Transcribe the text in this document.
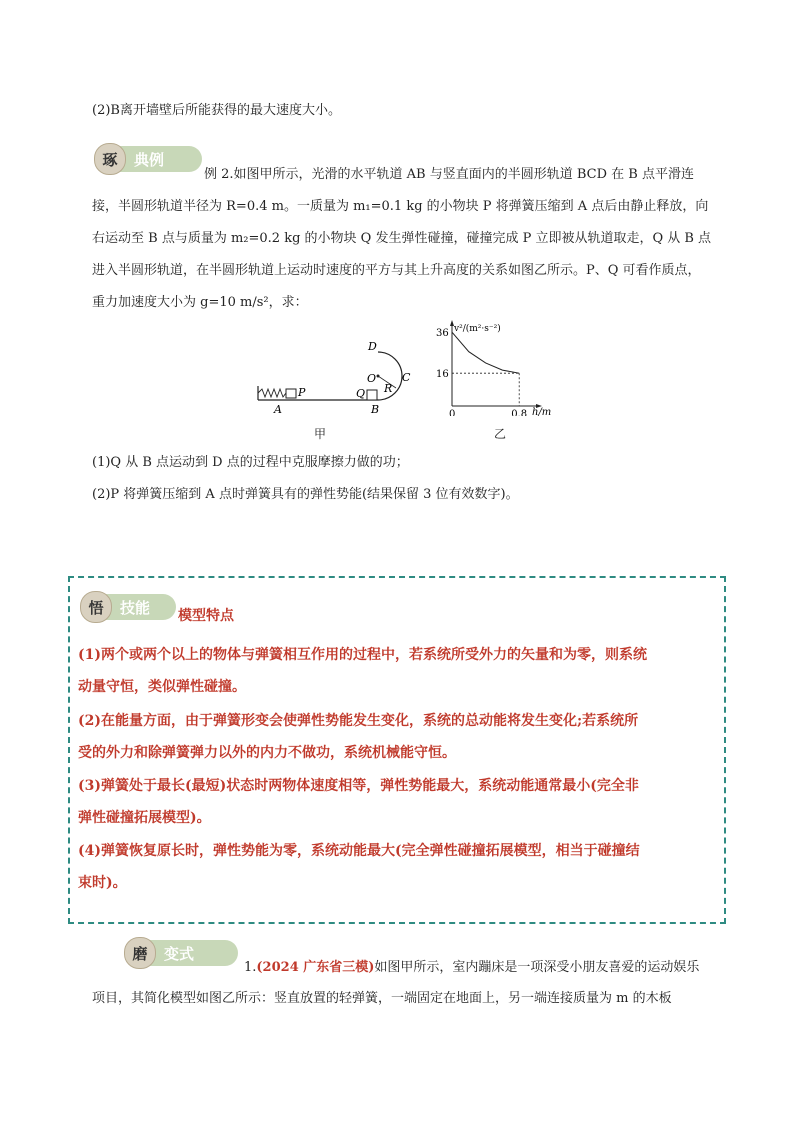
(2)B离开墙壁后所能获得的最大速度大小。
琢	典例
例 2.如图甲所示，光滑的水平轨道 AB 与竖直面内的半圆形轨道 BCD 在 B 点平滑连
接，半圆形轨道半径为 R=0.4 m。一质量为 m₁=0.1 kg 的小物块 P 将弹簧压缩到 A 点后由静止释放，向
右运动至 B 点与质量为 m₂=0.2 kg 的小物块 Q 发生弹性碰撞，碰撞完成 P 立即被从轨道取走，Q 从 B 点
进入半圆形轨道，在半圆形轨道上运动时速度的平方与其上升高度的关系如图乙所示。P、Q 可看作质点，
重力加速度大小为 g=10 m/s²，求：
A
P	Q
B
C
D
O
R
甲
36
16
0	0.8
v²/(m²·s⁻²)
h/m
乙
(1)Q 从 B 点运动到 D 点的过程中克服摩擦力做的功；
(2)P 将弹簧压缩到 A 点时弹簧具有的弹性势能(结果保留 3 位有效数字)。
悟	技能 模型特点
(1)两个或两个以上的物体与弹簧相互作用的过程中，若系统所受外力的矢量和为零，则系统
动量守恒，类似弹性碰撞。
(2)在能量方面，由于弹簧形变会使弹性势能发生变化，系统的总动能将发生变化;若系统所
受的外力和除弹簧弹力以外的内力不做功，系统机械能守恒。
(3)弹簧处于最长(最短)状态时两物体速度相等，弹性势能最大，系统动能通常最小(完全非
弹性碰撞拓展模型)。
(4)弹簧恢复原长时，弹性势能为零，系统动能最大(完全弹性碰撞拓展模型，相当于碰撞结
束时)。
磨	变式
1.(2024 广东省三模)如图甲所示，室内蹦床是一项深受小朋友喜爱的运动娱乐
项目，其简化模型如图乙所示：竖直放置的轻弹簧，一端固定在地面上，另一端连接质量为 m 的木板
